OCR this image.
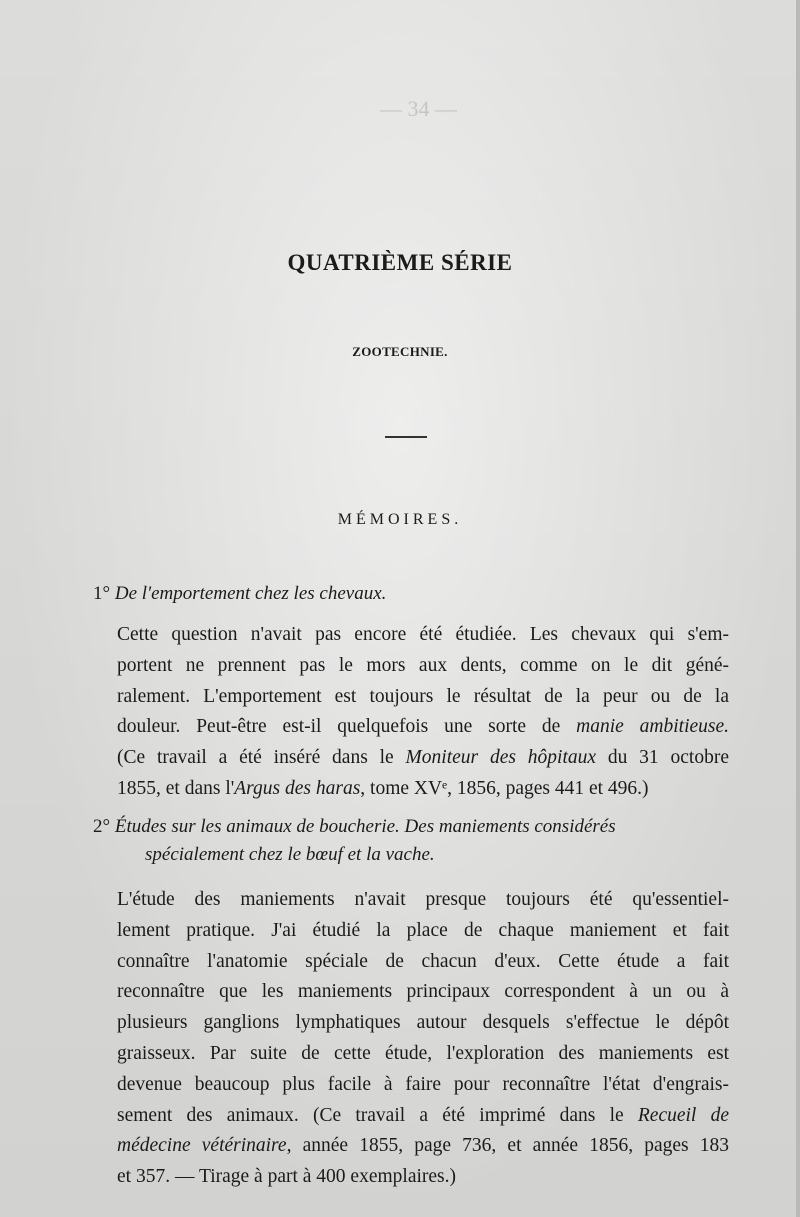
— 34 —
QUATRIÈME SÉRIE
ZOOTECHNIE.
MÉMOIRES.
1° De l'emportement chez les chevaux.

Cette question n'avait pas encore été étudiée. Les chevaux qui s'em-

portent ne prennent pas le mors aux dents, comme on le dit géné-

ralement. L'emportement est toujours le résultat de la peur ou de la

douleur. Peut-être est-il quelquefois une sorte de manie ambitieuse.

(Ce travail a été inséré dans le Moniteur des hôpitaux du 31 octobre

1855, et dans l'Argus des haras, tome XVᵉ, 1856, pages 441 et 496.)

2° Études sur les animaux de boucherie. Des maniements considérés
spécialement chez le bœuf et la vache.

L'étude des maniements n'avait presque toujours été qu'essentiel-

lement pratique. J'ai étudié la place de chaque maniement et fait

connaître l'anatomie spéciale de chacun d'eux. Cette étude a fait

reconnaître que les maniements principaux correspondent à un ou à

plusieurs ganglions lymphatiques autour desquels s'effectue le dépôt

graisseux. Par suite de cette étude, l'exploration des maniements est

devenue beaucoup plus facile à faire pour reconnaître l'état d'engrais-

sement des animaux. (Ce travail a été imprimé dans le Recueil de

médecine vétérinaire, année 1855, page 736, et année 1856, pages 183

et 357. — Tirage à part à 400 exemplaires.)
